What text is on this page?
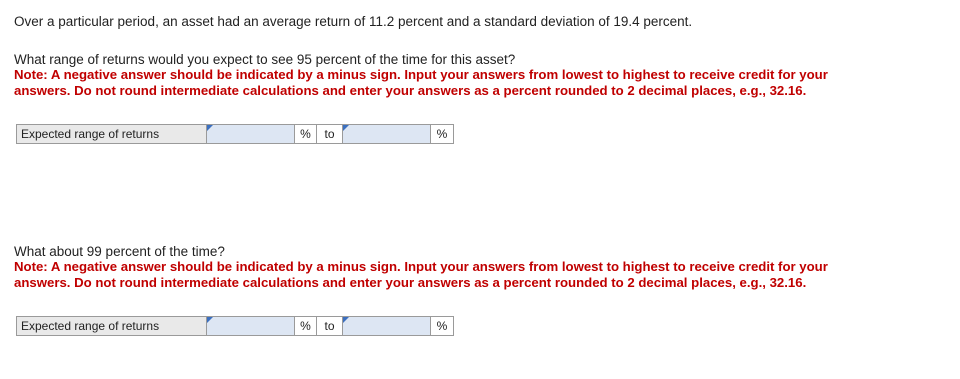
Over a particular period, an asset had an average return of 11.2 percent and a standard deviation of 19.4 percent.
What range of returns would you expect to see 95 percent of the time for this asset?
Note: A negative answer should be indicated by a minus sign. Input your answers from lowest to highest to receive credit for your
answers. Do not round intermediate calculations and enter your answers as a percent rounded to 2 decimal places, e.g., 32.16.
Expected range of returns	%	to	%
What about 99 percent of the time?
Note: A negative answer should be indicated by a minus sign. Input your answers from lowest to highest to receive credit for your
answers. Do not round intermediate calculations and enter your answers as a percent rounded to 2 decimal places, e.g., 32.16.
Expected range of returns	%	to	%
